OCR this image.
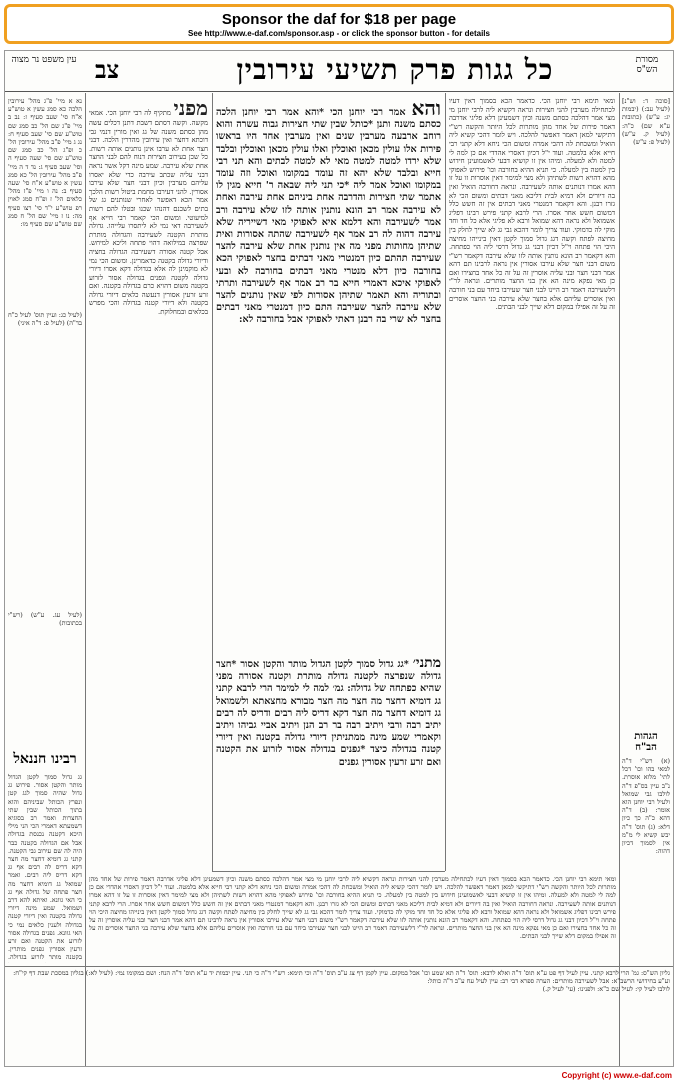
Sponsor the daf for $18 per page
See http://www.e-daf.com/sponsor.asp - or click the sponsor button - for details
עין משפט נר מצוה צב	כל גגות פרק תשיעי עירובין	מסורת הש"ס

[סוכה ד: וש"נ] (לעיל עב:) (יבמות יג: ע"ש) (כתובות ע"א שם) כ"ה: (לעיל ק. ע"ש) (לעיל פ: ע"ש)

הגהות הב"ח

(א) רש"י ד"ה למאי בהו וכו' דכל לתי' מלוא אוסרת. נ"ב עיין בס"פ ד"ה לולבו גבי שמואל ולעיל רבי יוחנן הוא אומר: (ב) ד"ה דהא כ"ה כך כיון דלא: (ג) תוס' ד"ה יבש קשיא לי מ"מ אין לסמוך דכיון דהוה:

ומאי תימא רבי יוחנן הכי. כדאמר הכא בסמוך דאין דעיו לכתחילה מערבין להני חצירות ונראה דקשיא ליה לרבי יוחנן מי מצי אמר דהלכה כסתם משנה וכיון דשמעינן דלא פליגי אדרבה דאמר פירות של אחד מהן מותרות לכל היותר והקשה רש"י דתיקשי למאן דאמר דאפשר להלכה. ויש לומר דהכי קשיא ליה הואיל ומשכחת לה דהכי אמרה ומשום הכי ניחא דלא קתני רבי חייא אלא בלמטה. ועוד י"ל דכיון דאסרי אהדדי אם כן למה לי למטה ולא למעלה. ומיהו אין זו קושיא דבעי לאשמועינן חידוש בין למטה בין למעלה. כי תניא ההיא בחורבה וכו' פירוש לאפוקי מהא דהויא רשות לשתיהן ולא מצי למימר דאין אוסרות זו על זו דהא אמרו דנותנים אותה לשעירבה. ונראה דחורבה הואיל ואין בה דיורים ולא דמיא לבית דליכא מאני דבתים ומשום הכי לא גזרו רבנן. והא דקאמר דמנטרי מאני דבתים אין זה חשש כלל דמשום חשש אחר אסרו. הרי לרבא קתני פירש רבינו דפליג אשמואל ולא נראה דהא שמואל ורבא לא פליגי אלא כל חד וחד מוקי לה כדמוקי. ועוד צריך לומר דהכא גבי גג לא שייך לחלק בין מחיצה לפתח וקשה דגג גדול סמוך לקטן דאין בינייהו מחיצה היכי הוי פתחה וי"ל דכיון דבני גג גדול דרסי ליה הוי כפתחה. והא דקאמר רב הונא נותנין אותה לזו שלא עירבה דקאמר רש"י משום דבני חצר שלא עירבו אסורין אין נראה לרבינו תם דהא אמר דבני חצר ובני עליה אוסרין זה על זה כל אחד בחצירו ואם כן מאי נפקא מינה הא אין בני החצר מותרים. ונראה לר"י דלשעירבה דאמר רב היינו לבני חצר שעירבו ביחד עם בני חורבה ואין אוסרים עליהם אלא בחצר שלא עירבה בני החצר אוסרים זה על זה אפילו במקום דלא שייך לבני הבתים.

והא אמר רבי יוחנן הכי *והא אמר רבי יוחנן הלכה כסתם משנה ותנן *כותל שבין שתי חצירות גבוה עשרה והוא רוחב ארבעה מערבין שנים ואין מערבין אחד היו בראשו פירות אלו עולין מכאן ואוכלין ואלו עולין מכאן ואוכלין ובלבד שלא ירדו למטה למטה מאי לא למטה לבתים והא תני רבי חייא ובלבד שלא יהא זה עומד במקומו ואוכל וזה עומד במקומו ואוכל אמר ליה *כי תני ליה שבאה ר' חייא מגין לו אתמר שתי חצירות והדרבה אחת ביניהם אחת עירבה ואחת לא עירבה אמר רב הונא נותנין אותה לזו שלא עירבה ורב אמר לשעירבה והא דלמא איא לאפוקי מאי דשייריה שלא עירבה דהוה לה רב אמר אף לשעירבה שהתה אסורות ואית שתיהן מחותות מפני מה אין נותנין אחת שלא עירבה להצר שעירבה תהתם כיון דמנטרי מאני דבתים בחצר לאפוקי הכא בחורבה כיון דלא מנטרי מאני דבתים בחורבה לא ובעי לאפוקי איכא דאמרי חייא בר רב אמר אף לשעירבה ותרתי ובתוריה והא תאמר שתיהן אסורות לפי שאין נותנים להצר שלא עירבה להצר שעירבה התם כיון דמנטרי מאני דבתים בחצר לא שרי בה רבנן דאתי לאפוקי אבל בחורבה לא:

מתני׳ *גג גדול סמוך לקטן הגדול מותר והקטן אסור *חצר גדולה שנפרצה לקטנה גדולה מותרת וקטנה אסורה מפני שהיא כפתחה של גדולה: גמ׳ למה לי למימר הרי לרבא קתני גג דומיא דחצר מה חצר מה חצר מבורא מחצאתא ולשמואל גג דומיא דחצר מה חצר דקא דריס ליה רבים ודריס לה רבים יתיב רבה ורבי ויתיב רבה בר רב הנן ויתיב אביי גביהו ויתיב וקאמרי שמע מינה ממתניתין דיורי גדולה בקטנה ואין דיורי קטנה בגדולה כיצד *גפנים בגדולה אסור לזרוע את הקטנה ואם זרע זרעין אסורין גפנים

מפני מתקיף לה רבי יוחנן הכי. אמאי מקשה. וקשה דסתם דשבת דתנן דכלים עשה מהן כסתם משנה של גג ואין מורין דנמי גבי דוכתא דחצר ואין עירובין מהדרין הלכה. דבני חצר אחת לא ערבו אינן נותנים אותה רשות. כל שכן בעירוב חצירות דנוח להם לבני החצר אחת שלא עירבה. שמע מינה דקל אשר נראה דבני עליה שכתב עירבה כדי שלא יאסרו עליהם מערבין וכיון דבני חצר שלא עירבו אסורין. להני דעירבו מחמת ביטול רשות הלכך אמר הכא דאפשר לאחרי שנותנים גג של בתים לשכנם דהנהו שכנו ובטלו להם רשות למיעוטי. ומשום הכי קאמר רבי חייא אף לשעירבה דאי נמי לא ליתסרו עלייהו. גדולה מותרת הקטנה לשעירבה והגדולה מותרת שפרצה במילואה דהוי פתחה וליכא למיחש. אבל קטנה אסורה דשעירבה הגדולה בחציה ודיורי גדולה בקטנה כדאמרינן. ומשום הכי נמי לא מוקמינן לה אלא בגדולה דקא אסרו דיורי גדולה לקטנה וגפנים בגדולה אסור לזרוע בקטנה משום דהויא כרם בגדולה בקטנה. ואם זרע זרעין אסורין דנעשה כלאים דיורי גדולה בקטנה ולא דיורי קטנה בגדולה והכי מפרש בכלאים ובמחלוקת.

ומאי תימא רבי יוחנן הכי. כדאמר הכא בסמוך דאין דעיו לכתחילה מערבין להני חצירות ונראה דקשיא ליה לרבי יוחנן מי מצי אמר דהלכה כסתם משנה וכיון דשמעינן דלא פליגי אדרבה דאמר פירות של אחד מהן מותרות לכל היותר והקשה רש"י דתיקשי למאן דאמר דאפשר להלכה. ויש לומר דהכי קשיא ליה הואיל ומשכחת לה דהכי אמרה ומשום הכי ניחא דלא קתני רבי חייא אלא בלמטה. ועוד י"ל דכיון דאסרי אהדדי אם כן למה לי למטה ולא למעלה. ומיהו אין זו קושיא דבעי לאשמועינן חידוש בין למטה בין למעלה. כי תניא ההיא בחורבה וכו' פירוש לאפוקי מהא דהויא רשות לשתיהן ולא מצי למימר דאין אוסרות זו על זו דהא אמרו דנותנים אותה לשעירבה. ונראה דחורבה הואיל ואין בה דיורים ולא דמיא לבית דליכא מאני דבתים ומשום הכי לא גזרו רבנן. והא דקאמר דמנטרי מאני דבתים אין זה חשש כלל דמשום חשש אחר אסרו. הרי לרבא קתני פירש רבינו דפליג אשמואל ולא נראה דהא שמואל ורבא לא פליגי אלא כל חד וחד מוקי לה כדמוקי. ועוד צריך לומר דהכא גבי גג לא שייך לחלק בין מחיצה לפתח וקשה דגג גדול סמוך לקטן דאין בינייהו מחיצה היכי הוי פתחה וי"ל דכיון דבני גג גדול דרסי ליה הוי כפתחה. והא דקאמר רב הונא נותנין אותה לזו שלא עירבה דקאמר רש"י משום דבני חצר שלא עירבו אסורין אין נראה לרבינו תם דהא אמר דבני חצר ובני עליה אוסרין זה על זה כל אחד בחצירו ואם כן מאי נפקא מינה הא אין בני החצר מותרים. ונראה לר"י דלשעירבה דאמר רב היינו לבני חצר שעירבו ביחד עם בני חורבה ואין אוסרים עליהם אלא בחצר שלא עירבה בני החצר אוסרים זה על זה אפילו במקום דלא שייך לבני הבתים.

נא א מיי' פ"ג מהל' עירובין הלכה כא סמג עשין א טוש"ע א"ח סי' שעב סעיף ז: נב ב מיי' פ"ג שם הל' כב סמג שם טוש"ע שם סי' שעב סעיף ח: נג ג מיי' פ"ב מהל' עירובין הל' כ ופ"ג הל' כב סמג שם טוש"ע שם סי' שעה סעיף ה וסי' שעב סעיף ג: נד ד ה מיי' פ"ב מהל' עירובין הל' כא סמג עשין א טוש"ע א"ח סי' שעה סעיף ב: נה ו מיי' פ"ז מהל' כלאים הל' ז ופ"ח סמג לאוין רפ טוש"ע י"ד סי' רצו סעיף מה: נו ז מיי' שם הל' ח סמג שם טוש"ע שם סעיף מו:

(לעיל כג: ועיין תוס' לעיל כ"ח בד"ה) (לעיל פ: ד"ה איני)

(לעיל עג. ע"ש) (רש"י בכתובות)

רבינו חננאל

גג גדול סמוך לקטן הגדול מותר והקטן אסור. פירוש גג גדול שהיה סמוך לגג קטן ונפרץ הכותל שביניהם והוא בתוך הכותל שבין שתי החצרות ואמר רב בסוגיא דשמעתא דאמרי הכי הני מילי היכא דקטנה נכנסת בגדולה אבל אם הגדולה בקטנה כבר היה לה שם עירוב גבי הקטנה. קתני גג דומיא דחצר מה חצר דקא דריס לה רבים אף גג דקא דריס ליה רבים. ואמר שמואל גג דומיא דחצר מה חצר פתחה של גדולה אף גג כי האי גוונא. ואיתא להא דרב ושמואל. שמע מינה דיורי גדולה בקטנה ואין דיורי קטנה בגדולה ולענין כלאים נמי כי האי גוונא. גפנים בגדולה אסור לזרוע את הקטנה ואם זרע זרעין אסורין גפנים מותרין. בקטנה מותר לזרוע בגדולה.

גליון הש"ס: גמ' הרי לרבא קתני. עיין לעיל דף פט ע"א תוס' ד"ה ואלא לרבא: תוס' ד"ה תא שמע וכו' אבל במקום. עיין לקמן דף צג ע"ב תוס' ד"ה וכי תימא: רש"י ד"ה כי תני. עיין יבמות יד ע"א תוס' ד"ה הנח: ושם במקומו נמי: (לעיל לא:) בגליון במסכת שבת דף קי"ח: וע"ע בחידושי הרשב"א: אבל לשעירבה מותרים: הערה ספרא דבי רב: עיין לעיל עח ע"ב ד"ה כותל:

לולבו לעיל קי: לעיל שם כ"א: ולפנינו: (עי' לעיל ק.)

Copyright (c) www.e-daf.com
